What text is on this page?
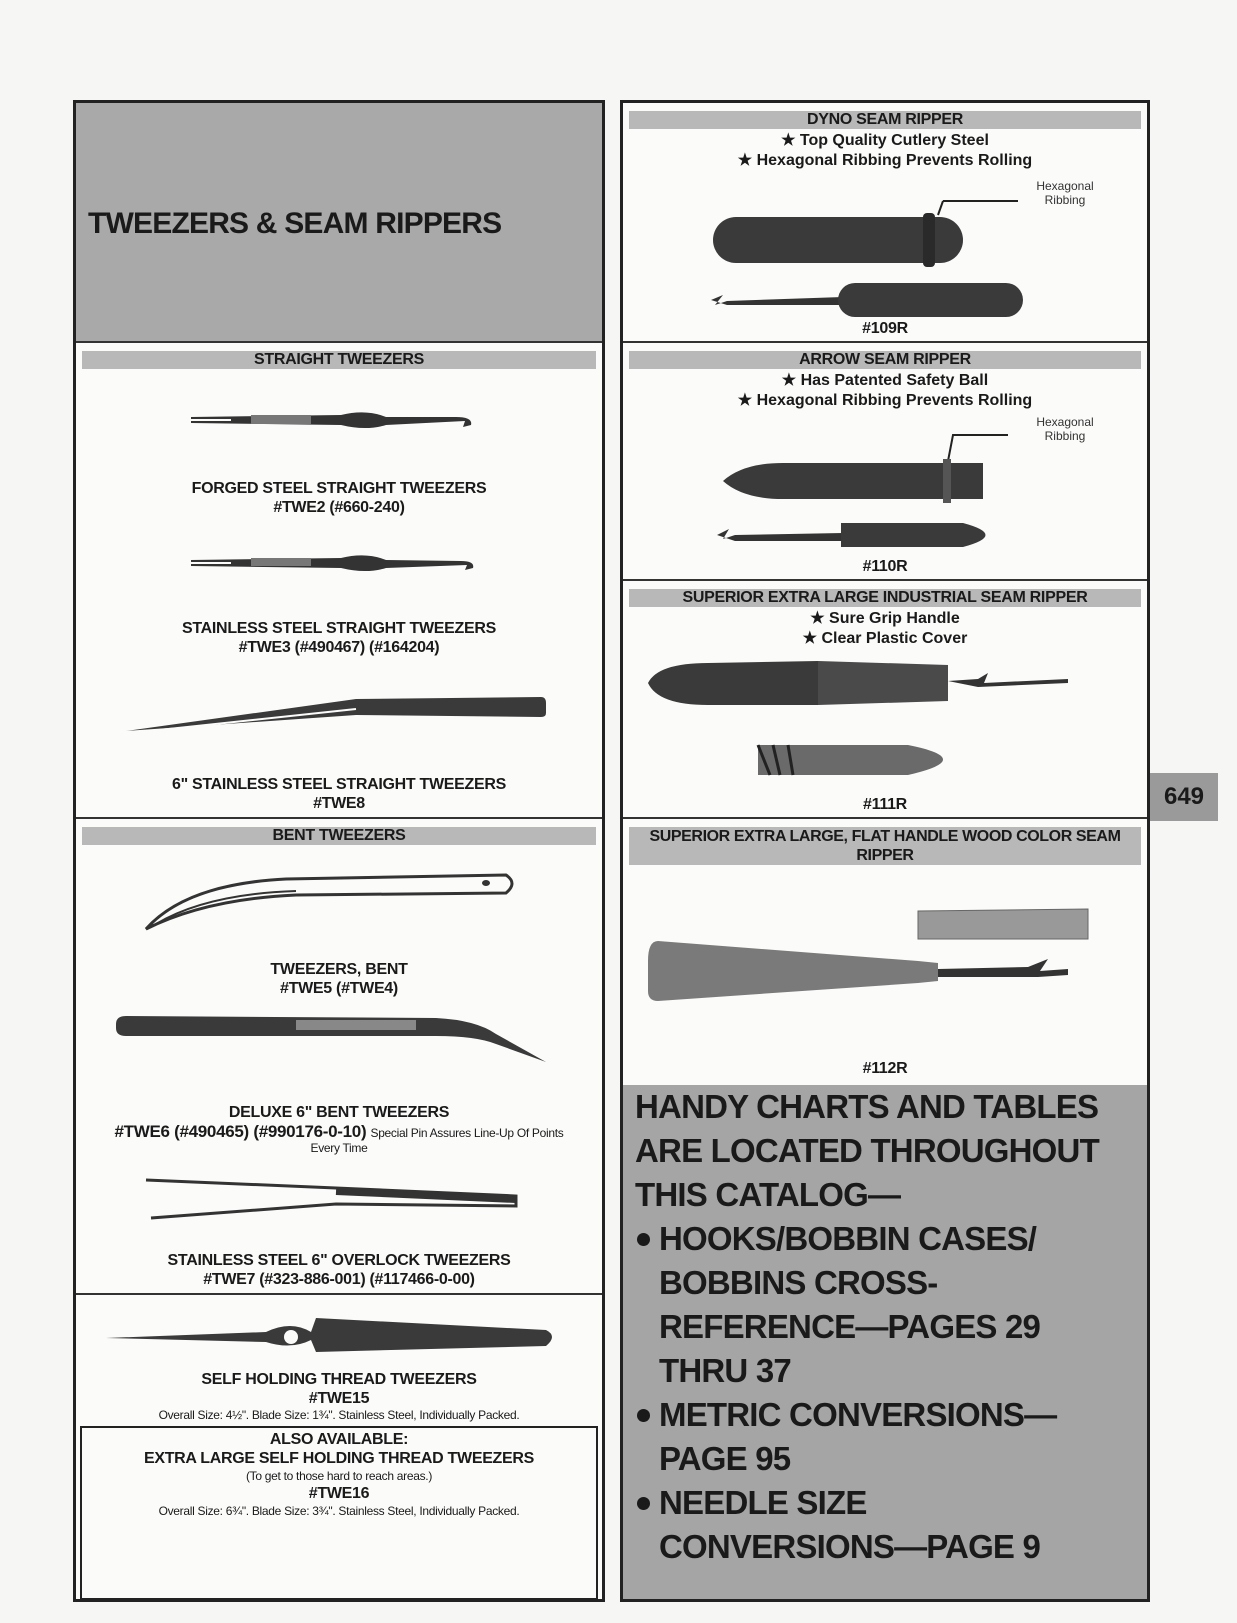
TWEEZERS & SEAM RIPPERS
STRAIGHT TWEEZERS
FORGED STEEL STRAIGHT TWEEZERS
#TWE2 (#660-240)
STAINLESS STEEL STRAIGHT TWEEZERS
#TWE3 (#490467) (#164204)
6" STAINLESS STEEL STRAIGHT TWEEZERS
#TWE8
BENT TWEEZERS
TWEEZERS, BENT
#TWE5 (#TWE4)
DELUXE 6" BENT TWEEZERS
#TWE6 (#490465) (#990176-0-10) Special Pin Assures Line-Up Of Points
Every Time
STAINLESS STEEL 6" OVERLOCK TWEEZERS
#TWE7 (#323-886-001) (#117466-0-00)
SELF HOLDING THREAD TWEEZERS
#TWE15
Overall Size: 4½". Blade Size: 1¾". Stainless Steel, Individually Packed.
ALSO AVAILABLE:
EXTRA LARGE SELF HOLDING THREAD TWEEZERS
(To get to those hard to reach areas.)
#TWE16
Overall Size: 6¾". Blade Size: 3¾". Stainless Steel, Individually Packed.
DYNO SEAM RIPPER
★ Top Quality Cutlery Steel
★ Hexagonal Ribbing Prevents Rolling
Hexagonal
Ribbing
#109R
ARROW SEAM RIPPER
★ Has Patented Safety Ball
★ Hexagonal Ribbing Prevents Rolling
Hexagonal
Ribbing
#110R
SUPERIOR EXTRA LARGE INDUSTRIAL SEAM RIPPER
★ Sure Grip Handle
★ Clear Plastic Cover
#111R
SUPERIOR EXTRA LARGE, FLAT HANDLE WOOD COLOR SEAM
RIPPER
#112R
HANDY CHARTS AND TABLES
ARE LOCATED THROUGHOUT
THIS CATALOG—
HOOKS/BOBBIN CASES/
BOBBINS CROSS-
REFERENCE—PAGES 29
THRU 37
METRIC CONVERSIONS—
PAGE 95
NEEDLE SIZE
CONVERSIONS—PAGE 9
649
